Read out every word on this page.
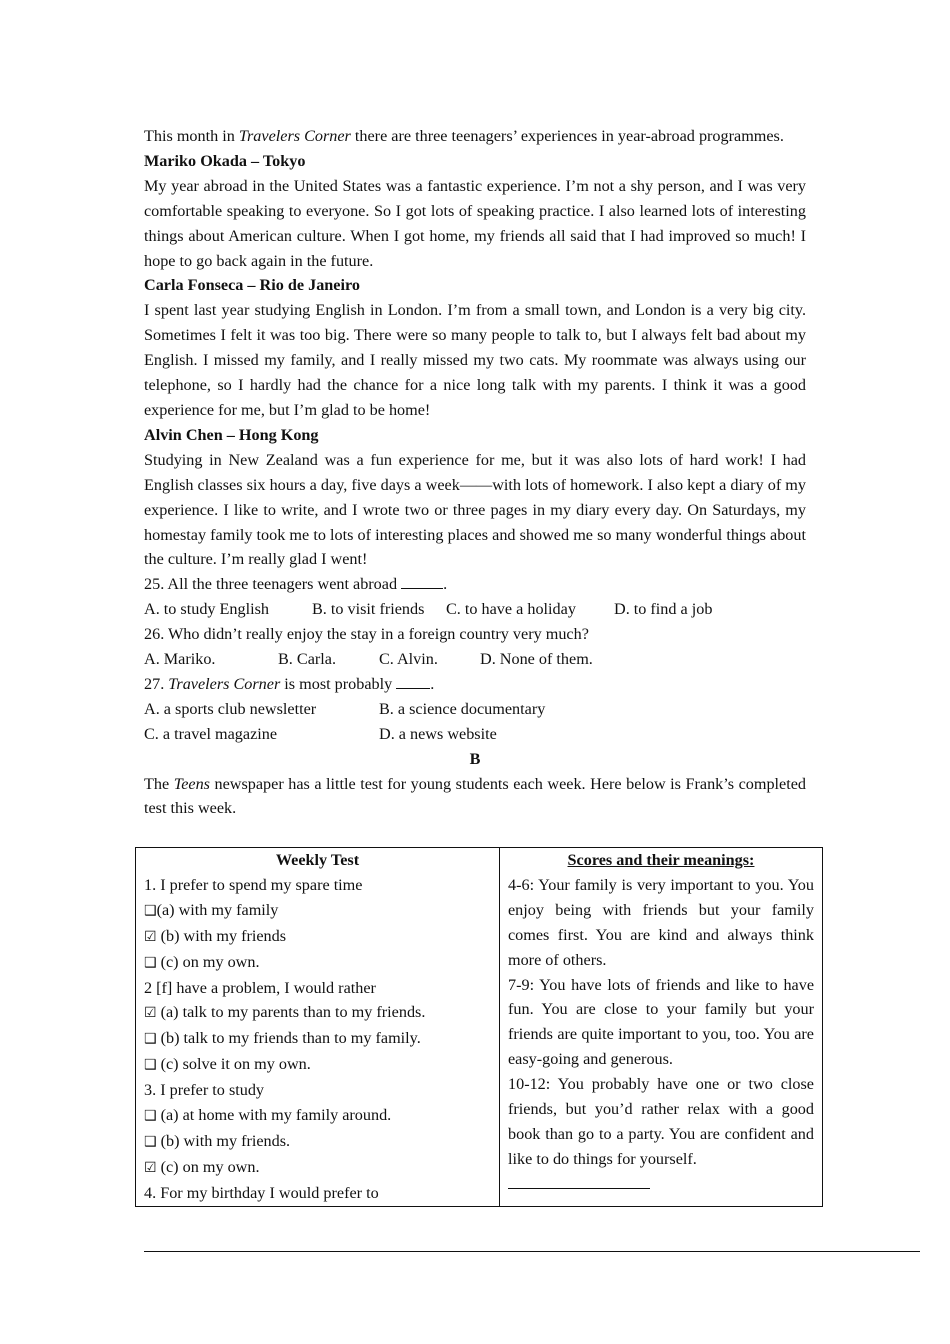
This month in Travelers Corner there are three teenagers’ experiences in year-abroad programmes.

Mariko Okada – Tokyo

My year abroad in the United States was a fantastic experience. I’m not a shy person, and I was very comfortable speaking to everyone. So I got lots of speaking practice. I also learned lots of interesting things about American culture. When I got home, my friends all said that I had improved so much! I hope to go back again in the future.

Carla Fonseca – Rio de Janeiro

I spent last year studying English in London. I’m from a small town, and London is a very big city. Sometimes I felt it was too big. There were so many people to talk to, but I always felt bad about my English. I missed my family, and I really missed my two cats. My roommate was always using our telephone, so I hardly had the chance for a nice long talk with my parents. I think it was a good experience for me, but I’m glad to be home!

Alvin Chen – Hong Kong

Studying in New Zealand was a fun experience for me, but it was also lots of hard work! I had English classes six hours a day, five days a week——with lots of homework. I also kept a diary of my experience. I like to write, and I wrote two or three pages in my diary every day. On Saturdays, my homestay family took me to lots of interesting places and showed me so many wonderful things about the culture. I’m really glad I went!

25. All the three teenagers went abroad	.

A. to study English	B. to visit friends C. to have a holiday D. to find a job

26. Who didn’t really enjoy the stay in a foreign country very much?

A. Mariko.	B. Carla.	C. Alvin.	D. None of them.

27. Travelers Corner is most probably .

A. a sports club newsletter	B. a science documentary

C. a travel magazine	D. a news website

B

The Teens newspaper has a little test for young students each week. Here below is Frank’s completed test this week.

Weekly Test

1. I prefer to spend my spare time

❑(a) with my family

☑ (b) with my friends

❑ (c) on my own.

2 [f] have a problem, I would rather

☑ (a) talk to my parents than to my friends.

❑ (b) talk to my friends than to my family.

❑ (c) solve it on my own.

3. I prefer to study

❑ (a) at home with my family around.

❑ (b) with my friends.

☑ (c) on my own.

4. For my birthday I would prefer to

Scores and their meanings:

4-6: Your family is very important to you. You enjoy being with friends but your family comes first. You are kind and always think more of others.

7-9: You have lots of friends and like to have fun. You are close to your family but your friends are quite important to you, too. You are easy-going and generous.

10-12: You probably have one or two close friends, but you’d rather relax with a good book than go to a party. You are confident and like to do things for yourself.
